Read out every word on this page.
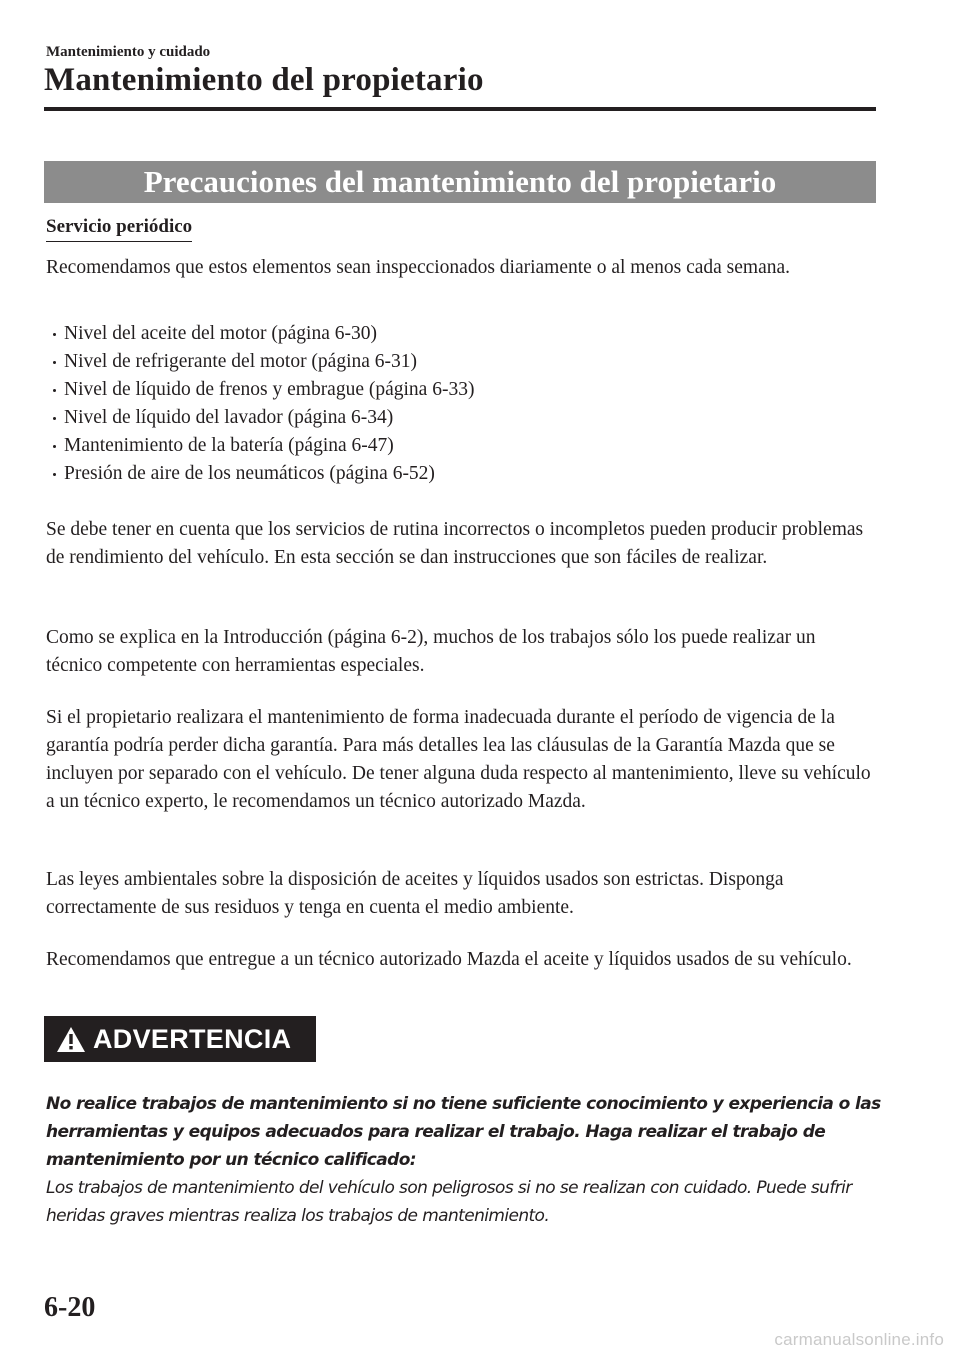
Mantenimiento y cuidado
Mantenimiento del propietario
Precauciones del mantenimiento del propietario
Servicio periódico

Recomendamos que estos elementos sean inspeccionados diariamente o al menos cada semana.

Nivel del aceite del motor (página 6-30)
Nivel de refrigerante del motor (página 6-31)
Nivel de líquido de frenos y embrague (página 6-33)
Nivel de líquido del lavador (página 6-34)
Mantenimiento de la batería (página 6-47)
Presión de aire de los neumáticos (página 6-52)

Se debe tener en cuenta que los servicios de rutina incorrectos o incompletos pueden producir problemas de rendimiento del vehículo. En esta sección se dan instrucciones que son fáciles de realizar.

Como se explica en la Introducción (página 6-2), muchos de los trabajos sólo los puede realizar un técnico competente con herramientas especiales.

Si el propietario realizara el mantenimiento de forma inadecuada durante el período de vigencia de la garantía podría perder dicha garantía. Para más detalles lea las cláusulas de la Garantía Mazda que se incluyen por separado con el vehículo. De tener alguna duda respecto al mantenimiento, lleve su vehículo a un técnico experto, le recomendamos un técnico autorizado Mazda.

Las leyes ambientales sobre la disposición de aceites y líquidos usados son estrictas. Disponga correctamente de sus residuos y tenga en cuenta el medio ambiente.

Recomendamos que entregue a un técnico autorizado Mazda el aceite y líquidos usados de su vehículo.

ADVERTENCIA
No realice trabajos de mantenimiento si no tiene suficiente conocimiento y experiencia o las herramientas y equipos adecuados para realizar el trabajo. Haga realizar el trabajo de mantenimiento por un técnico calificado:
Los trabajos de mantenimiento del vehículo son peligrosos si no se realizan con cuidado. Puede sufrir heridas graves mientras realiza los trabajos de mantenimiento.
6-20
carmanualsonline.info
